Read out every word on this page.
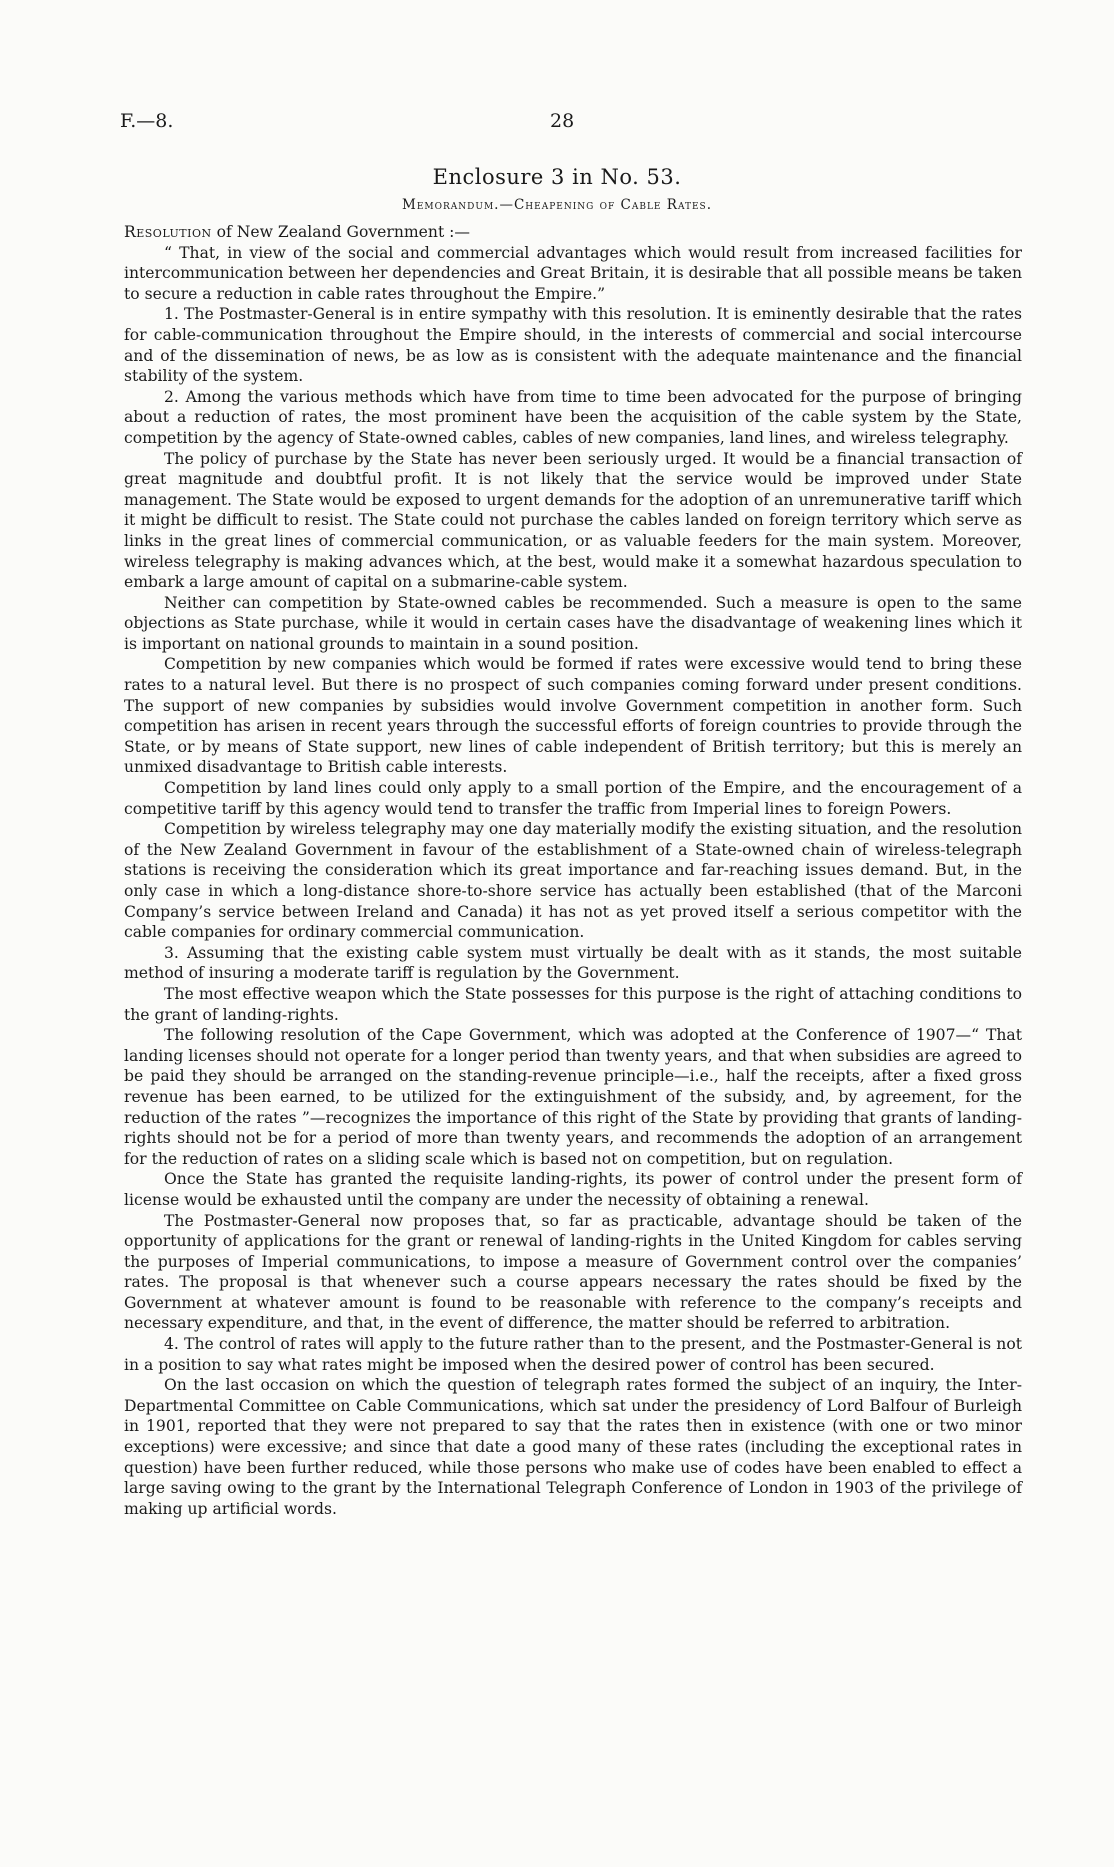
F.—8.	28
Enclosure 3 in No. 53.
Memorandum.—Cheapening of Cable Rates.

Resolution of New Zealand Government :—

“ That, in view of the social and commercial advantages which would result from increased facilities for intercommunication between her dependencies and Great Britain, it is desirable that all possible means be taken to secure a reduction in cable rates throughout the Empire.”

1. The Postmaster-General is in entire sympathy with this resolution. It is eminently desirable that the rates for cable-communication throughout the Empire should, in the interests of commercial and social intercourse and of the dissemination of news, be as low as is consistent with the adequate maintenance and the financial stability of the system.

2. Among the various methods which have from time to time been advocated for the purpose of bringing about a reduction of rates, the most prominent have been the acquisition of the cable system by the State, competition by the agency of State-owned cables, cables of new companies, land lines, and wireless telegraphy.

The policy of purchase by the State has never been seriously urged. It would be a financial transaction of great magnitude and doubtful profit. It is not likely that the service would be improved under State management. The State would be exposed to urgent demands for the adoption of an unremunerative tariff which it might be difficult to resist. The State could not purchase the cables landed on foreign territory which serve as links in the great lines of commercial communication, or as valuable feeders for the main system. Moreover, wireless telegraphy is making advances which, at the best, would make it a somewhat hazardous speculation to embark a large amount of capital on a submarine-cable system.

Neither can competition by State-owned cables be recommended. Such a measure is open to the same objections as State purchase, while it would in certain cases have the disadvantage of weakening lines which it is important on national grounds to maintain in a sound position.

Competition by new companies which would be formed if rates were excessive would tend to bring these rates to a natural level. But there is no prospect of such companies coming forward under present conditions. The support of new companies by subsidies would involve Government competition in another form. Such competition has arisen in recent years through the successful efforts of foreign countries to provide through the State, or by means of State support, new lines of cable independent of British territory; but this is merely an unmixed disadvantage to British cable interests.

Competition by land lines could only apply to a small portion of the Empire, and the encouragement of a competitive tariff by this agency would tend to transfer the traffic from Imperial lines to foreign Powers.

Competition by wireless telegraphy may one day materially modify the existing situation, and the resolution of the New Zealand Government in favour of the establishment of a State-owned chain of wireless-telegraph stations is receiving the consideration which its great importance and far-reaching issues demand. But, in the only case in which a long-distance shore-to-shore service has actually been established (that of the Marconi Company’s service between Ireland and Canada) it has not as yet proved itself a serious competitor with the cable companies for ordinary commercial communication.

3. Assuming that the existing cable system must virtually be dealt with as it stands, the most suitable method of insuring a moderate tariff is regulation by the Government.

The most effective weapon which the State possesses for this purpose is the right of attaching conditions to the grant of landing-rights.

The following resolution of the Cape Government, which was adopted at the Conference of 1907—“ That landing licenses should not operate for a longer period than twenty years, and that when subsidies are agreed to be paid they should be arranged on the standing-revenue principle—i.e., half the receipts, after a fixed gross revenue has been earned, to be utilized for the extinguishment of the subsidy, and, by agreement, for the reduction of the rates ”—recognizes the importance of this right of the State by providing that grants of landing-rights should not be for a period of more than twenty years, and recommends the adoption of an arrangement for the reduction of rates on a sliding scale which is based not on competition, but on regulation.

Once the State has granted the requisite landing-rights, its power of control under the present form of license would be exhausted until the company are under the necessity of obtaining a renewal.

The Postmaster-General now proposes that, so far as practicable, advantage should be taken of the opportunity of applications for the grant or renewal of landing-rights in the United Kingdom for cables serving the purposes of Imperial communications, to impose a measure of Government control over the companies’ rates. The proposal is that whenever such a course appears necessary the rates should be fixed by the Government at whatever amount is found to be reasonable with reference to the company’s receipts and necessary expenditure, and that, in the event of difference, the matter should be referred to arbitration.

4. The control of rates will apply to the future rather than to the present, and the Postmaster-General is not in a position to say what rates might be imposed when the desired power of control has been secured.

On the last occasion on which the question of telegraph rates formed the subject of an inquiry, the Inter-Departmental Committee on Cable Communications, which sat under the presidency of Lord Balfour of Burleigh in 1901, reported that they were not prepared to say that the rates then in existence (with one or two minor exceptions) were excessive; and since that date a good many of these rates (including the exceptional rates in question) have been further reduced, while those persons who make use of codes have been enabled to effect a large saving owing to the grant by the International Telegraph Conference of London in 1903 of the privilege of making up artificial words.
